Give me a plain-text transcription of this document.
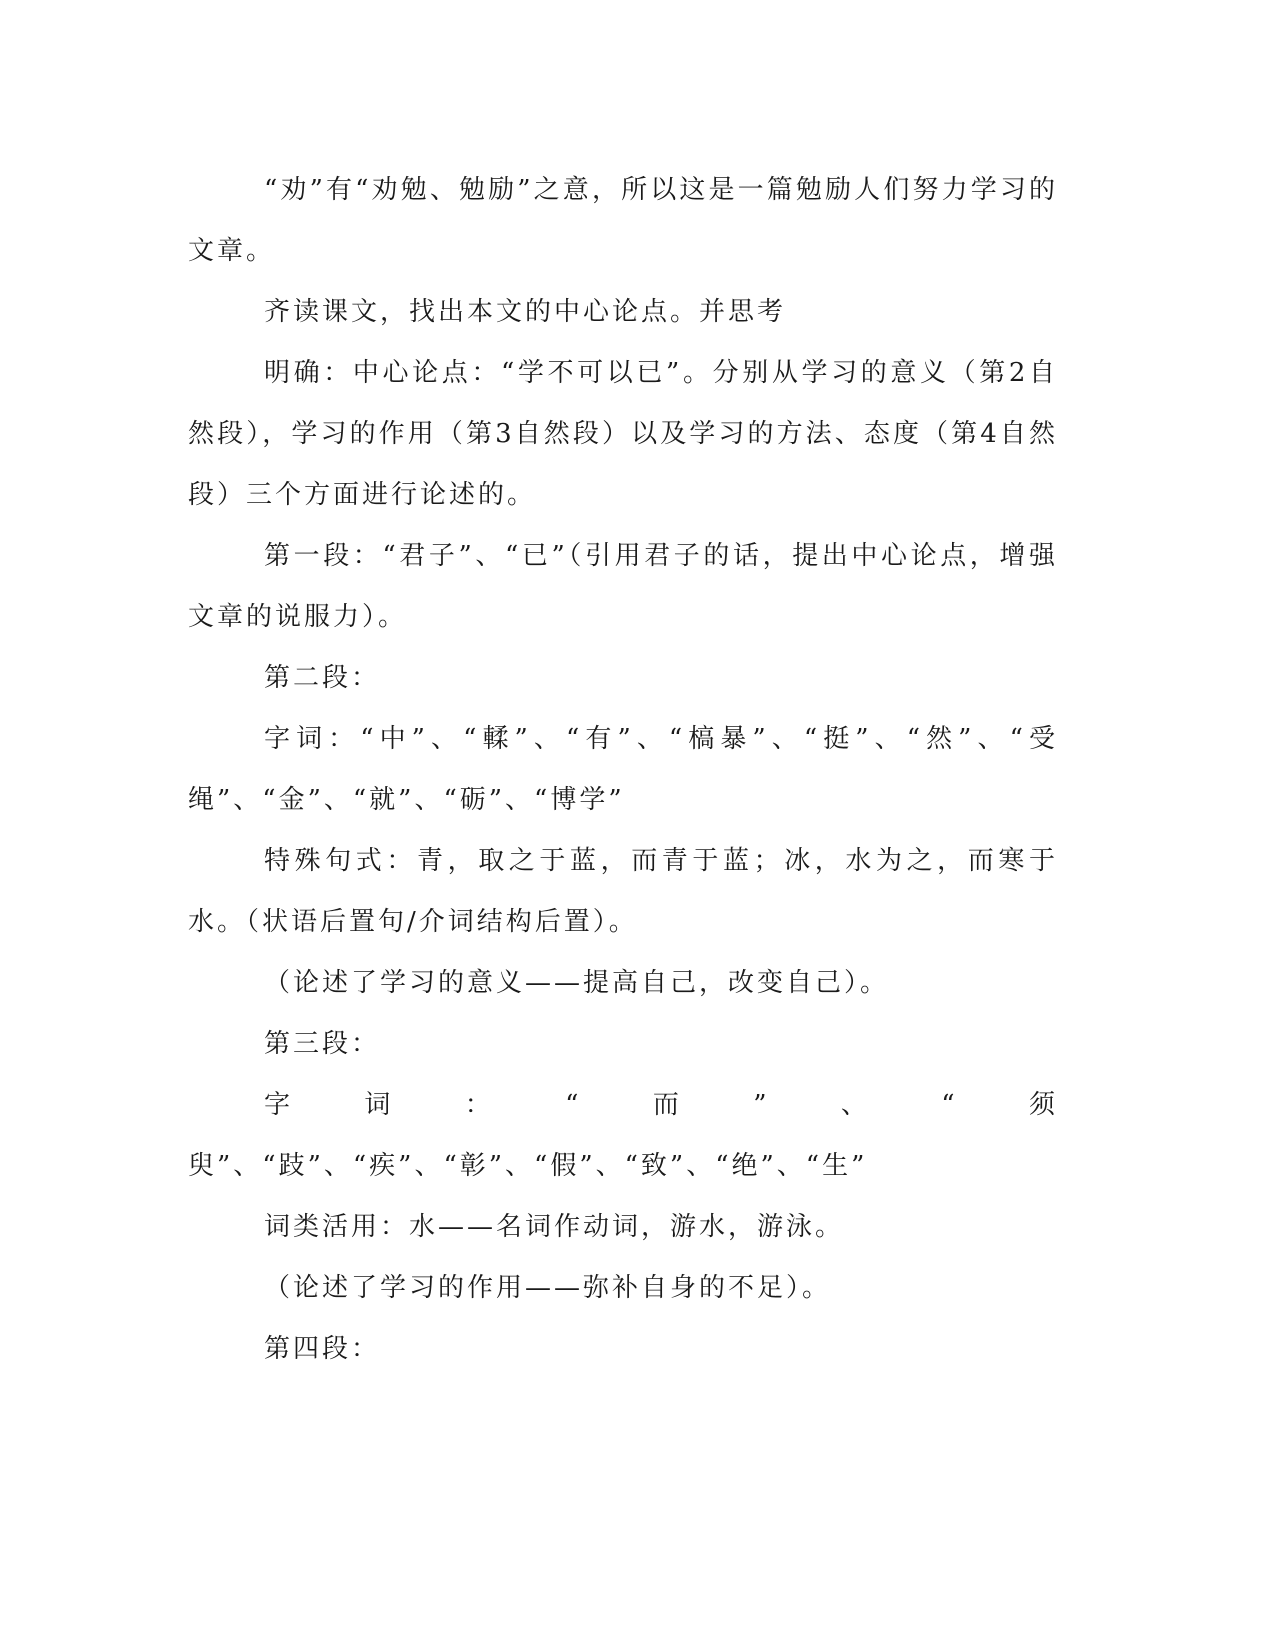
“劝”有“劝勉、勉励”之意，所以这是一篇勉励人们努力学习的文章。

齐读课文，找出本文的中心论点。并思考

明确：中心论点：“学不可以已”。分别从学习的意义（第2自然段），学习的作用（第3自然段）以及学习的方法、态度（第4自然段）三个方面进行论述的。

第一段：“君子”、“已”（引用君子的话，提出中心论点，增强文章的说服力）。

第二段：

字词：“中”、“輮”、“有”、“槁暴”、“挺”、“然”、“受绳”、“金”、“就”、“砺”、“博学”

特殊句式：青，取之于蓝，而青于蓝；冰，水为之，而寒于水。（状语后置句/介词结构后置）。

（论述了学习的意义——提高自己，改变自己）。

第三段：

字词：“而”、“须臾”、“跂”、“疾”、“彰”、“假”、“致”、“绝”、“生”

词类活用：水——名词作动词，游水，游泳。

（论述了学习的作用——弥补自身的不足）。

第四段：
